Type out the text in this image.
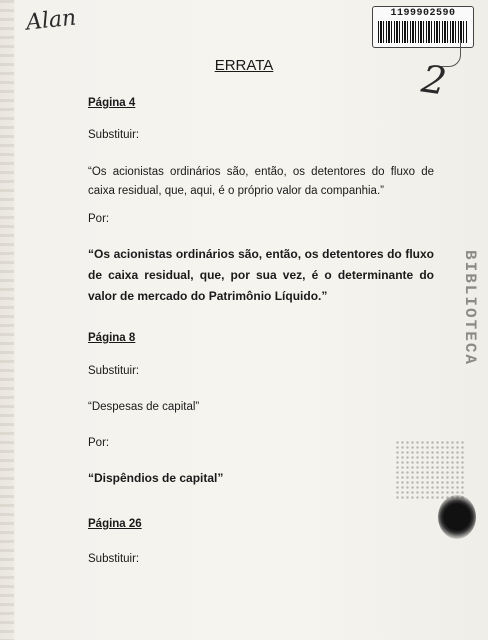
Alan	1199902590
2
ERRATA
Página 4
Substituir:
“Os acionistas ordinários são, então, os detentores do fluxo de caixa residual, que, aqui, é o próprio valor da companhia.”
Por:
“Os acionistas ordinários são, então, os detentores do fluxo de caixa residual, que, por sua vez, é o determinante do valor de mercado do Patrimônio Líquido.”
Página 8
Substituir:
“Despesas de capital”
Por:
“Dispêndios de capital”
Página 26
Substituir:
BIBLIOTECA
